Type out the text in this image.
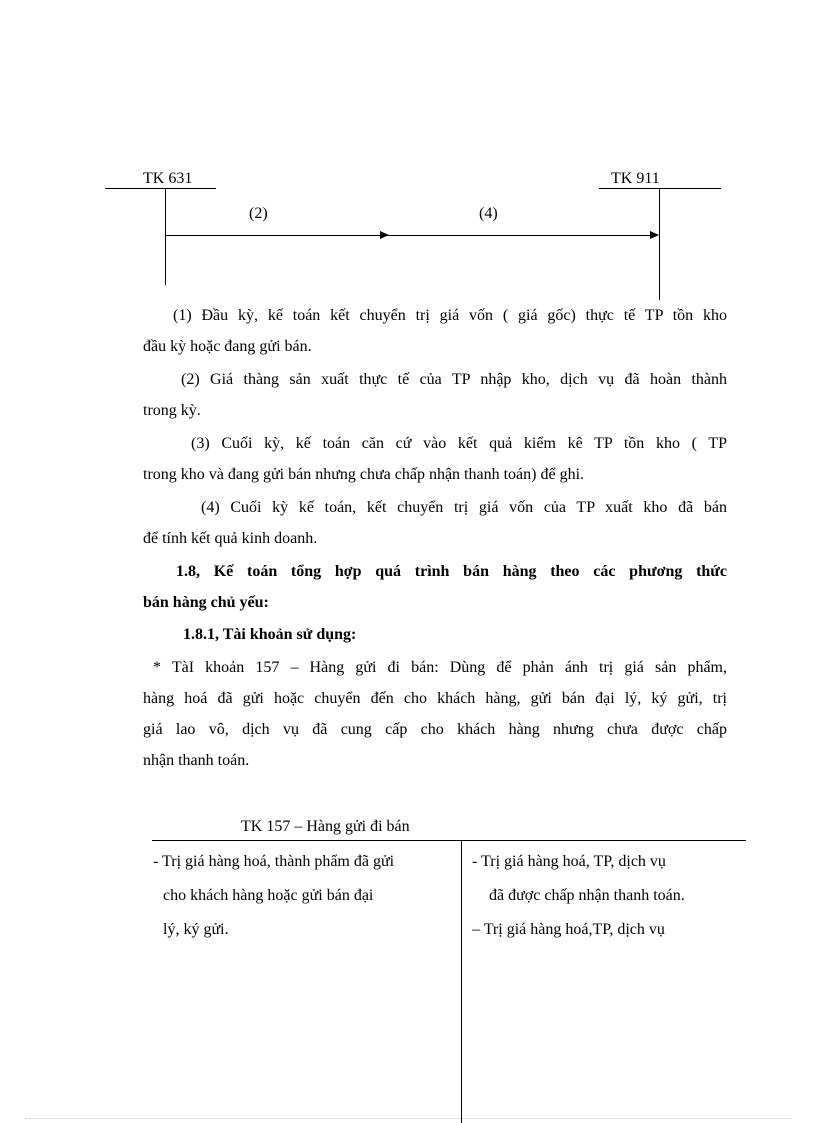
TK 631	TK 911
(2)	(4)
(1) Đầu kỳ, kế toán kết chuyển trị giá vốn ( giá gốc) thực tế TP tồn kho
đầu kỳ hoặc đang gửi bán.
(2) Giá thàng sản xuất thực tế của TP nhập kho, dịch vụ đã hoàn thành
trong kỳ.
(3) Cuối kỳ, kế toán căn cứ vào kết quả kiểm kê TP tồn kho ( TP
trong kho và đang gửi bán nhưng chưa chấp nhận thanh toán) để ghi.
(4) Cuối kỳ kế toán, kết chuyển trị giá vốn của TP xuất kho đã bán
để tính kết quả kinh doanh.
1.8, Kế toán tổng hợp quá trình bán hàng theo các phương thức
bán hàng chủ yếu:
1.8.1, Tài khoản sử dụng:
* TàI khoản 157 – Hàng gửi đi bán: Dùng để phản ánh trị giá sản phẩm,
hàng hoá đã gửi hoặc chuyển đến cho khách hàng, gửi bán đại lý, ký gửi, trị
giá lao vô, dịch vụ đã cung cấp cho khách hàng nhưng chưa được chấp
nhận thanh toán.
TK 157 – Hàng gửi đi bán
- Trị giá hàng hoá, thành phẩm đã gửi
cho khách hàng hoặc gửi bán đại
lý, ký gửi.
- Trị giá hàng hoá, TP, dịch vụ
đã được chấp nhận thanh toán.
– Trị giá hàng hoá,TP, dịch vụ
